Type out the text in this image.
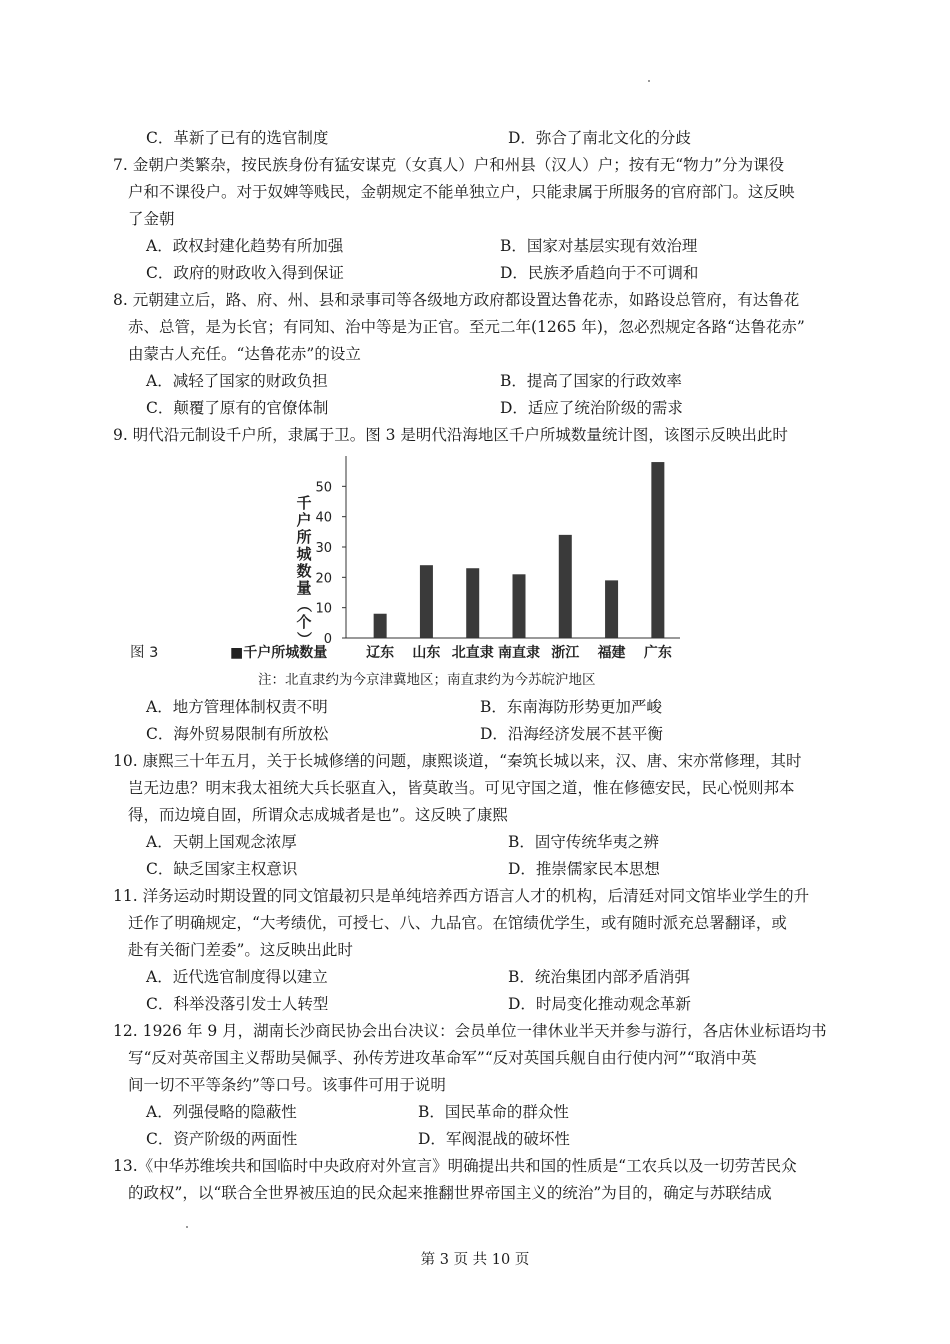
C．革新了已有的选官制度	D．弥合了南北文化的分歧
7. 金朝户类繁杂，按民族身份有猛安谋克（女真人）户和州县（汉人）户；按有无“物力”分为课役
户和不课役户。对于奴婢等贱民，金朝规定不能单独立户，只能隶属于所服务的官府部门。这反映
了金朝
A．政权封建化趋势有所加强	B．国家对基层实现有效治理
C．政府的财政收入得到保证	D．民族矛盾趋向于不可调和
8. 元朝建立后，路、府、州、县和录事司等各级地方政府都设置达鲁花赤，如路设总管府，有达鲁花
赤、总管，是为长官；有同知、治中等是为正官。至元二年(1265 年)，忽必烈规定各路“达鲁花赤”
由蒙古人充任。“达鲁花赤”的设立
A．减轻了国家的财政负担	B．提高了国家的行政效率
C．颠覆了原有的官僚体制	D．适应了统治阶级的需求
9. 明代沿元制设千户所，隶属于卫。图 3 是明代沿海地区千户所城数量统计图，该图示反映出此时
千
户
所
城
数
量
（
个
） 0
10
20
30
40
50
辽东 山东 北直隶 南直隶 浙江 福建 广东
■千户所城数量
图 3
注：北直隶约为今京津冀地区；南直隶约为今苏皖沪地区
A．地方管理体制权责不明	B．东南海防形势更加严峻
C．海外贸易限制有所放松	D．沿海经济发展不甚平衡
10. 康熙三十年五月，关于长城修缮的问题，康熙谈道，“秦筑长城以来，汉、唐、宋亦常修理，其时
岂无边患？明末我太祖统大兵长驱直入，皆莫敢当。可见守国之道，惟在修德安民，民心悦则邦本
得，而边境自固，所谓众志成城者是也”。这反映了康熙
A．天朝上国观念浓厚	B．固守传统华夷之辨
C．缺乏国家主权意识	D．推崇儒家民本思想
11. 洋务运动时期设置的同文馆最初只是单纯培养西方语言人才的机构，后清廷对同文馆毕业学生的升
迁作了明确规定，“大考绩优，可授七、八、九品官。在馆绩优学生，或有随时派充总署翻译，或
赴有关衙门差委”。这反映出此时
A．近代选官制度得以建立	B．统治集团内部矛盾消弭
C．科举没落引发士人转型	D．时局变化推动观念革新
12. 1926 年 9 月，湖南长沙商民协会出台决议：会员单位一律休业半天并参与游行，各店休业标语均书
写“反对英帝国主义帮助吴佩孚、孙传芳进攻革命军”“反对英国兵舰自由行使内河”“取消中英
间一切不平等条约”等口号。该事件可用于说明
A．列强侵略的隐蔽性	B．国民革命的群众性
C．资产阶级的两面性	D．军阀混战的破坏性
13.《中华苏维埃共和国临时中央政府对外宣言》明确提出共和国的性质是“工农兵以及一切劳苦民众
的政权”，以“联合全世界被压迫的民众起来推翻世界帝国主义的统治”为目的，确定与苏联结成
第 3 页 共 10 页
